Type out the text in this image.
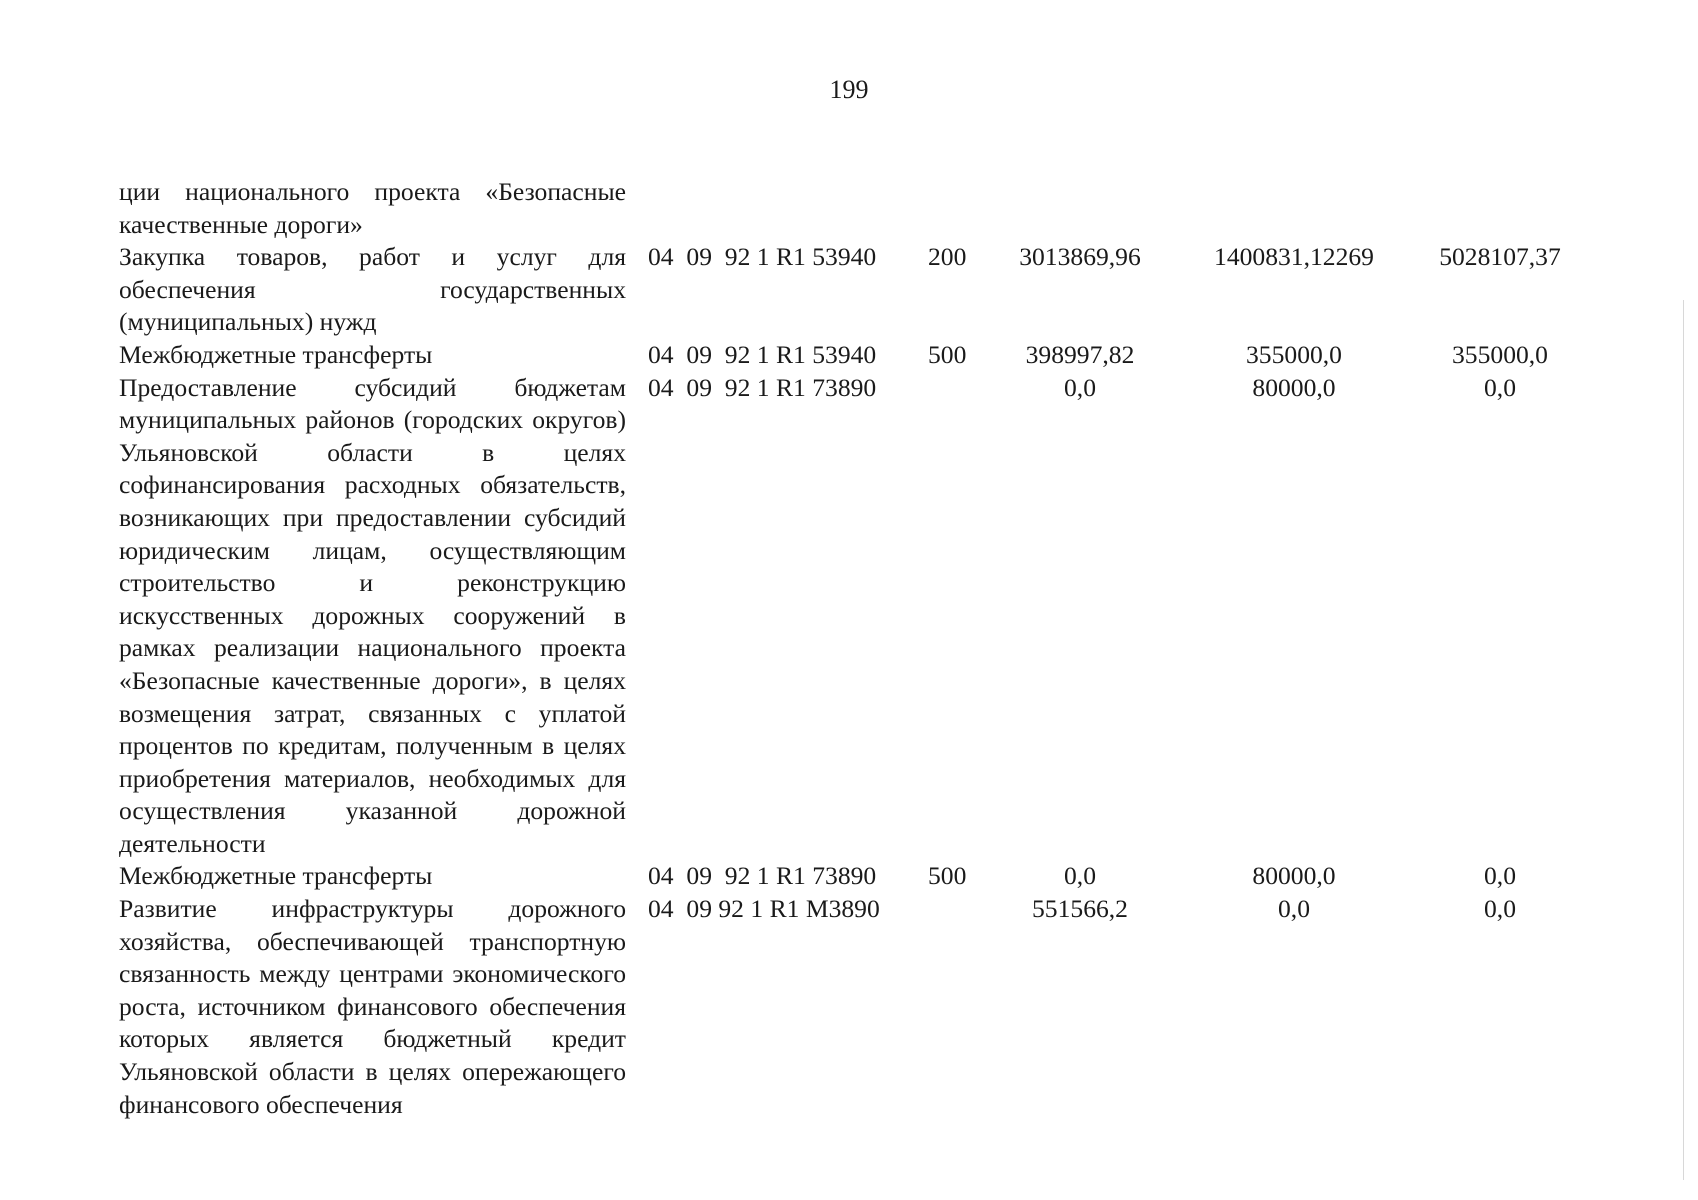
199
ции национального проекта «Безопасные качественные дороги»
Закупка товаров, работ и услуг для обеспечения государственных (муниципальных) нужд
04  09  92 1 R1 53940 200	3013869,96	1400831,12269	5028107,37
Межбюджетные трансферты	04  09  92 1 R1 53940 500	398997,82	355000,0	355000,0
Предоставление субсидий бюджетам муниципальных районов (городских округов) Ульяновской области в целях софинансирования расходных обязательств, возникающих при предоставлении субсидий юридическим лицам, осуществляющим строительство и реконструкцию искусственных дорожных сооружений в рамках реализации национального проекта «Безопасные качественные дороги», в целях возмещения затрат, связанных с уплатой процентов по кредитам, полученным в целях приобретения материалов, необходимых для осуществления указанной дорожной деятельности
04  09  92 1 R1 73890	0,0	80000,0	0,0
Межбюджетные трансферты	04  09  92 1 R1 73890 500	0,0	80000,0	0,0
Развитие инфраструктуры дорожного хозяйства, обеспечивающей транспортную связанность между центрами экономического роста, источником финансового обеспечения которых является бюджетный кредит Ульяновской области в целях опережающего финансового обеспечения
04  09 92 1 R1 M3890	551566,2	0,0	0,0
